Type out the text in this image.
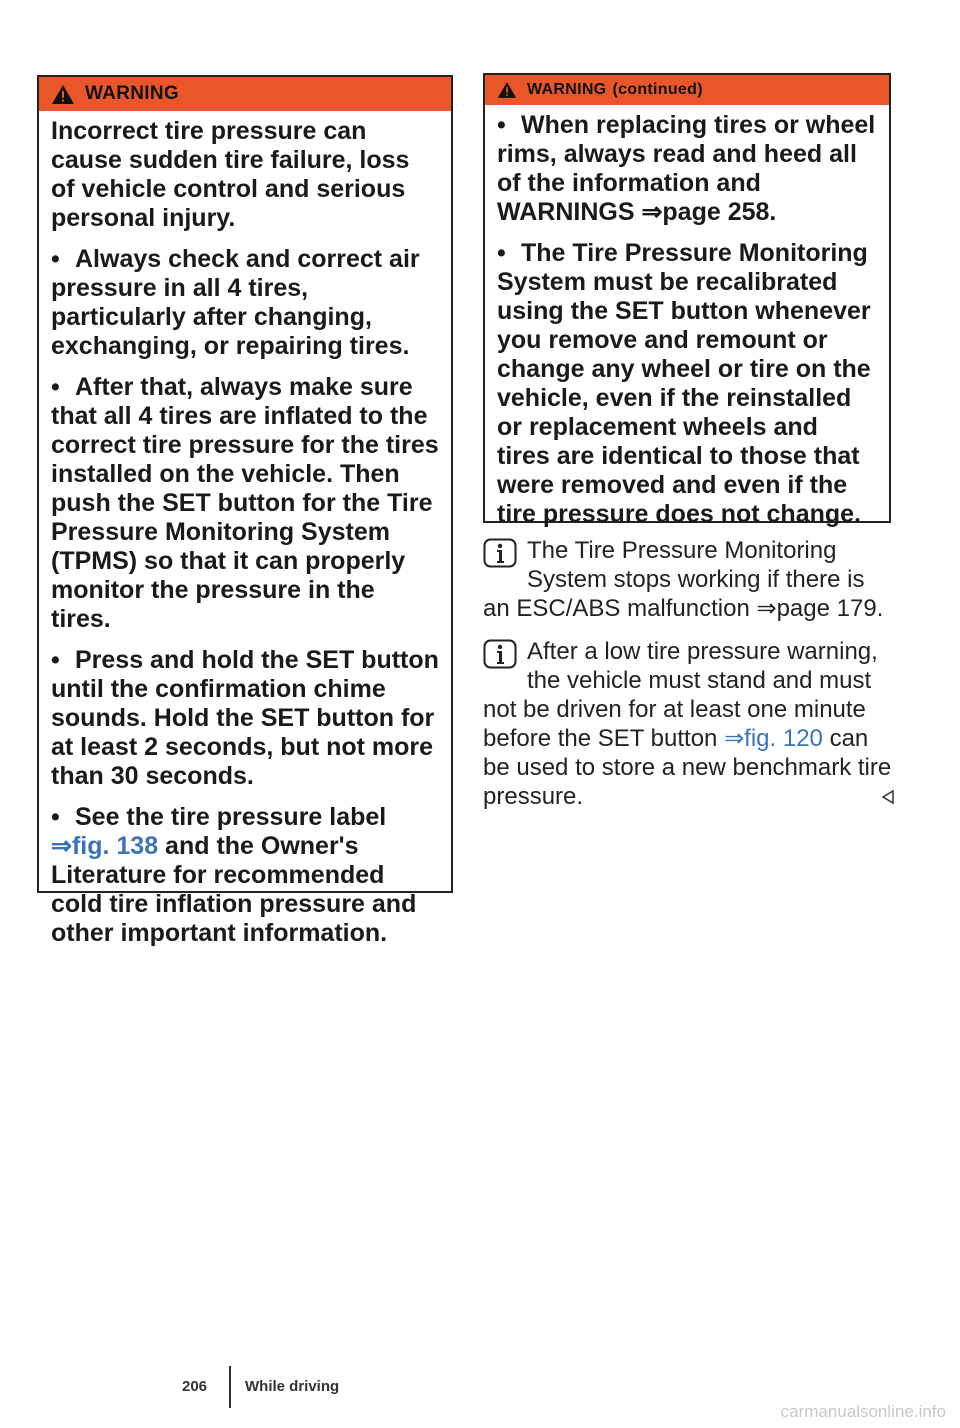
WARNING

Incorrect tire pressure can cause sudden tire failure, loss of vehicle control and serious personal injury.

• Always check and correct air pressure in all 4 tires, particularly after changing, exchanging, or repairing tires.
• After that, always make sure that all 4 tires are inflated to the correct tire pressure for the tires installed on the vehicle. Then push the SET button for the Tire Pressure Monitoring System (TPMS) so that it can properly monitor the pressure in the tires.
• Press and hold the SET button until the confirmation chime sounds. Hold the SET button for at least 2 seconds, but not more than 30 seconds.
• See the tire pressure label ⇒fig. 138 and the Owner's Literature for recommended cold tire inflation pressure and other important information.
WARNING (continued)
• When replacing tires or wheel rims, always read and heed all of the information and WARNINGS ⇒page 258.
• The Tire Pressure Monitoring System must be recalibrated using the SET button whenever you remove and remount or change any wheel or tire on the vehicle, even if the reinstalled or replacement wheels and tires are identical to those that were removed and even if the tire pressure does not change.
The Tire Pressure Monitoring System stops working if there is an ESC/ABS malfunction ⇒page 179.
After a low tire pressure warning, the vehicle must stand and must not be driven for at least one minute before the SET button ⇒fig. 120 can be used to store a new benchmark tire pressure.
206	While driving
carmanualsonline.info
